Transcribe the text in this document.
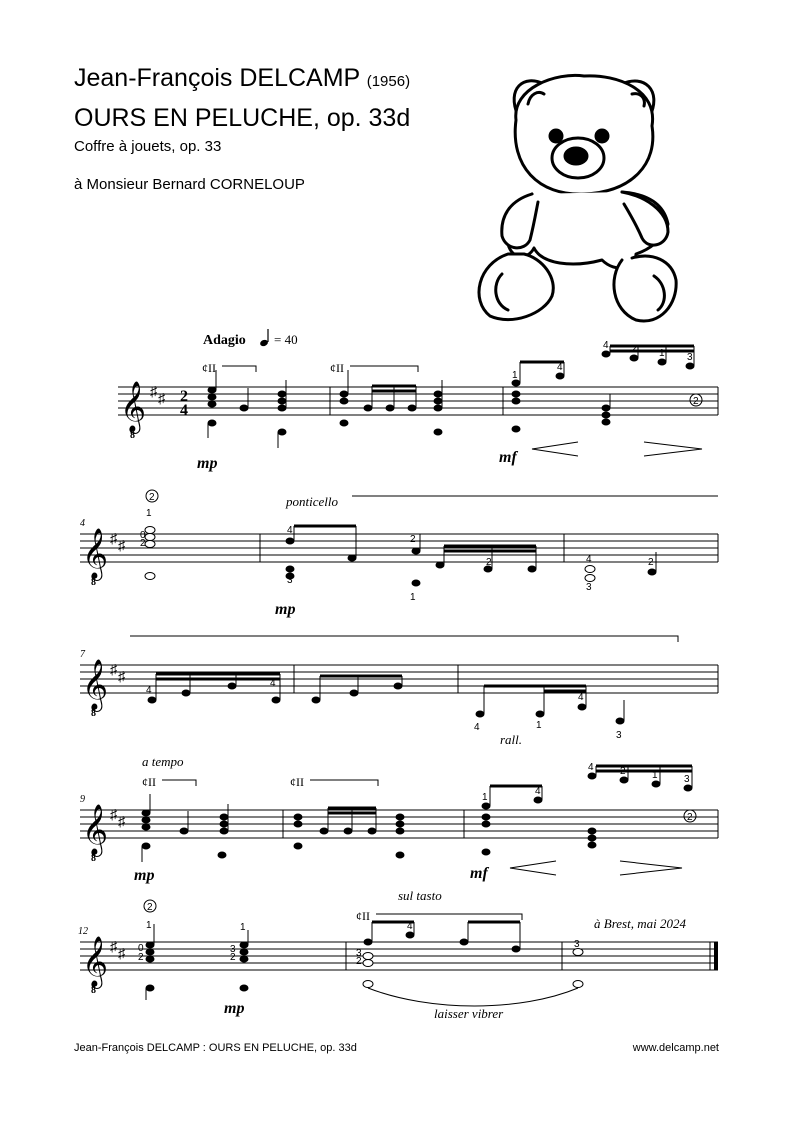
Jean-François DELCAMP (1956)
OURS EN PELUCHE, op. 33d
Coffre à jouets, op. 33
à Monsieur Bernard CORNELOUP
Adagio = 40
𝄞
8
♯ ♯ 2
4
¢II	¢II
1
4
4 2 1 3
2
mp	mf
4
ponticello
𝄞
8
♯ ♯
2
1
0
2
4
3
2
1
2	4
3
2
mp
7
𝄞
8
♯ ♯
4
4
4	1
4
3
rall.
9
a tempo
¢II	¢II
𝄞
8
♯ ♯
1
4
4	2	1	3
2
mp	mf
12
sul tasto
¢II	à Brest, mai 2024
𝄞
8
♯ ♯
2
1
0
2
1
3
2
4
3
2
3
mp	laisser vibrer
Jean-François DELCAMP : OURS EN PELUCHE, op. 33d	www.delcamp.net
